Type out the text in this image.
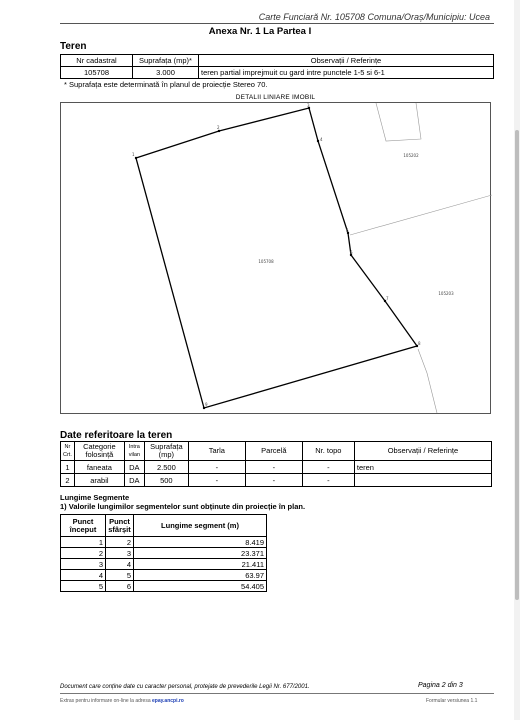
Carte Funciară Nr. 105708 Comuna/Oraș/Municipiu: Ucea
Anexa Nr. 1 La Partea I
Teren
Nr cadastral	Suprafața (mp)*	Observații / Referințe
105708	3.000	teren partial imprejmuit cu gard intre punctele 1-5 si 6-1
* Suprafața este determinată în planul de proiecție Stereo 70.
DETALII LINIARE IMOBIL
1
2
3
4
5
6
7
8
9
105708
105202
105203
Date referitoare la teren
Nr Crt.	Categorie folosință	Intra vilan	Suprafața (mp)	Tarla	Parcelă	Nr. topo	Observații / Referințe
1	faneata	DA	2.500	-	-	-	teren
2	arabil	DA	500	-	-	-	
Lungime Segmente
1) Valorile lungimilor segmentelor sunt obținute din proiecție în plan.
Punct început	Punct sfârșit	Lungime segment (m)
1	2	8.419
2	3	23.371
3	4	21.411
4	5	63.97
5	6	54.405
Document care conține date cu caracter personal, protejate de prevederile Legii Nr. 677/2001.	Pagina 2 din 3
Extras pentru informare on-line la adresa epay.ancpi.ro	Formular versiunea 1.1
